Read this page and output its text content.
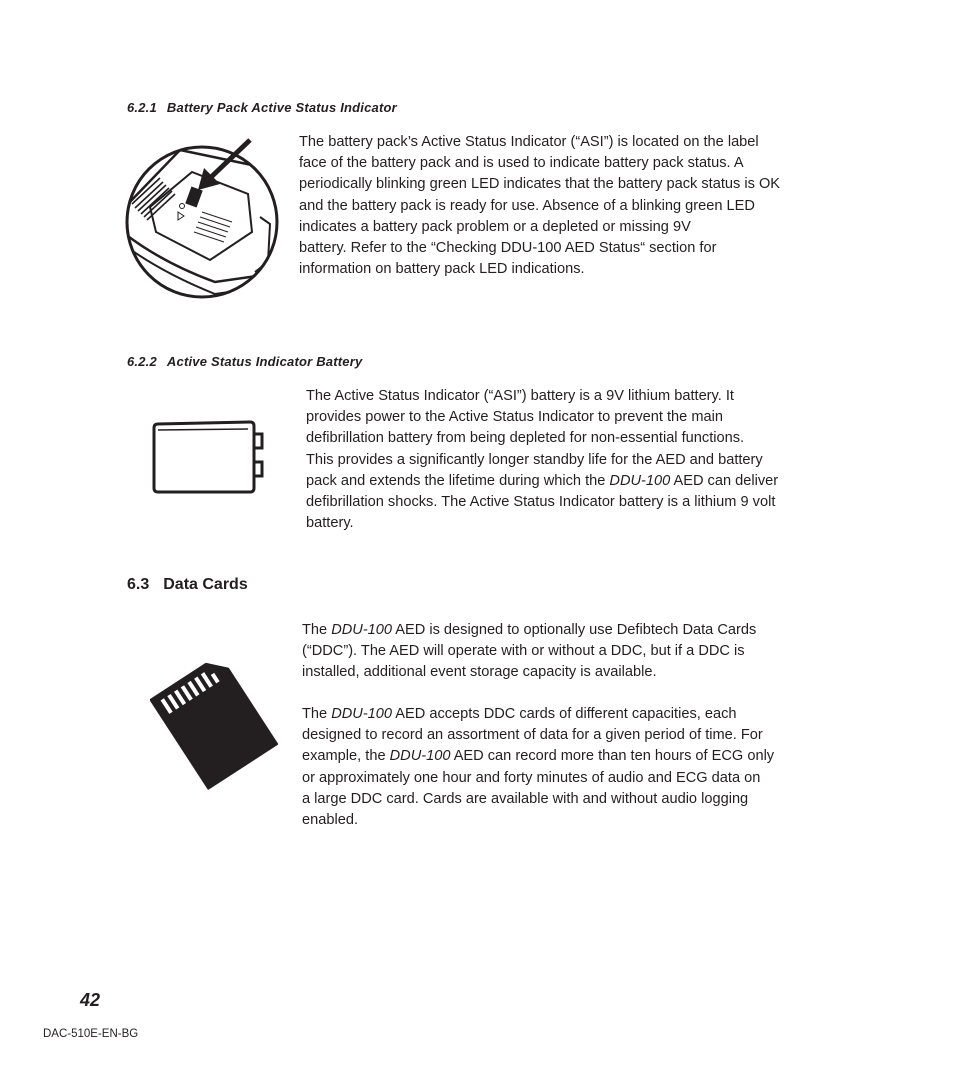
6.2.1 Battery Pack Active Status Indicator
The battery pack’s Active Status Indicator (“ASI”) is located on the label
face of the battery pack and is used to indicate battery pack status. A
periodically blinking green LED indicates that the battery pack status is OK
and the battery pack is ready for use. Absence of a blinking green LED
indicates a battery pack problem or a depleted or missing 9V
battery. Refer to the “Checking DDU-100 AED Status“ section for
information on battery pack LED indications.
6.2.2 Active Status Indicator Battery
The Active Status Indicator (“ASI”) battery is a 9V lithium battery. It
provides power to the Active Status Indicator to prevent the main
defibrillation battery from being depleted for non-essential functions.
This provides a significantly longer standby life for the AED and battery
pack and extends the lifetime during which the DDU-100 AED can deliver
defibrillation shocks. The Active Status Indicator battery is a lithium 9 volt
battery.
6.3 Data Cards
The DDU-100 AED is designed to optionally use Defibtech Data Cards
(“DDC”). The AED will operate with or without a DDC, but if a DDC is
installed, additional event storage capacity is available.
The DDU-100 AED accepts DDC cards of different capacities, each
designed to record an assortment of data for a given period of time. For
example, the DDU-100 AED can record more than ten hours of ECG only
or approximately one hour and forty minutes of audio and ECG data on
a large DDC card. Cards are available with and without audio logging
enabled.
42
DAC-510E-EN-BG
